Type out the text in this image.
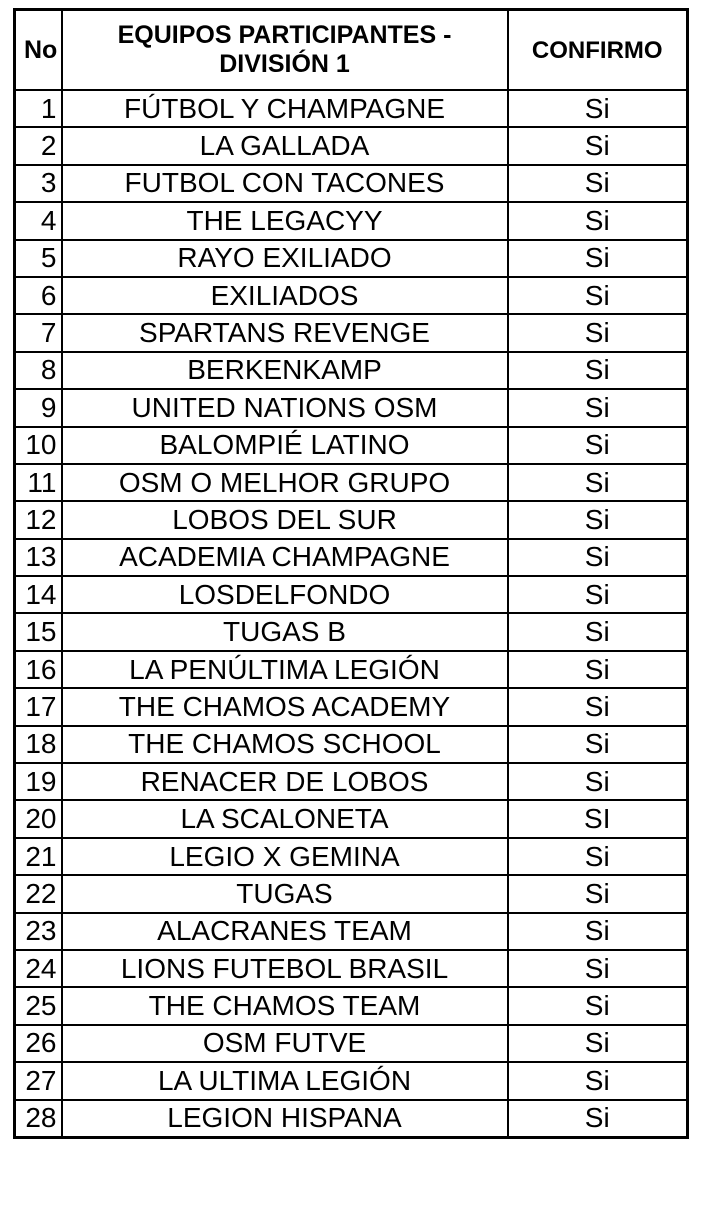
No	EQUIPOS PARTICIPANTES - DIVISIÓN 1	CONFIRMO
1	FÚTBOL Y CHAMPAGNE	Si
2	LA GALLADA	Si
3	FUTBOL CON TACONES	Si
4	THE LEGACYY	Si
5	RAYO EXILIADO	Si
6	EXILIADOS	Si
7	SPARTANS REVENGE	Si
8	BERKENKAMP	Si
9	UNITED NATIONS OSM	Si
10	BALOMPIÉ LATINO	Si
11	OSM O MELHOR GRUPO	Si
12	LOBOS DEL SUR	Si
13	ACADEMIA CHAMPAGNE	Si
14	LOSDELFONDO	Si
15	TUGAS B	Si
16	LA PENÚLTIMA LEGIÓN	Si
17	THE CHAMOS ACADEMY	Si
18	THE CHAMOS SCHOOL	Si
19	RENACER DE LOBOS	Si
20	LA SCALONETA	SI
21	LEGIO X GEMINA	Si
22	TUGAS	Si
23	ALACRANES TEAM	Si
24	LIONS FUTEBOL BRASIL	Si
25	THE CHAMOS TEAM	Si
26	OSM FUTVE	Si
27	LA ULTIMA LEGIÓN	Si
28	LEGION HISPANA	Si
